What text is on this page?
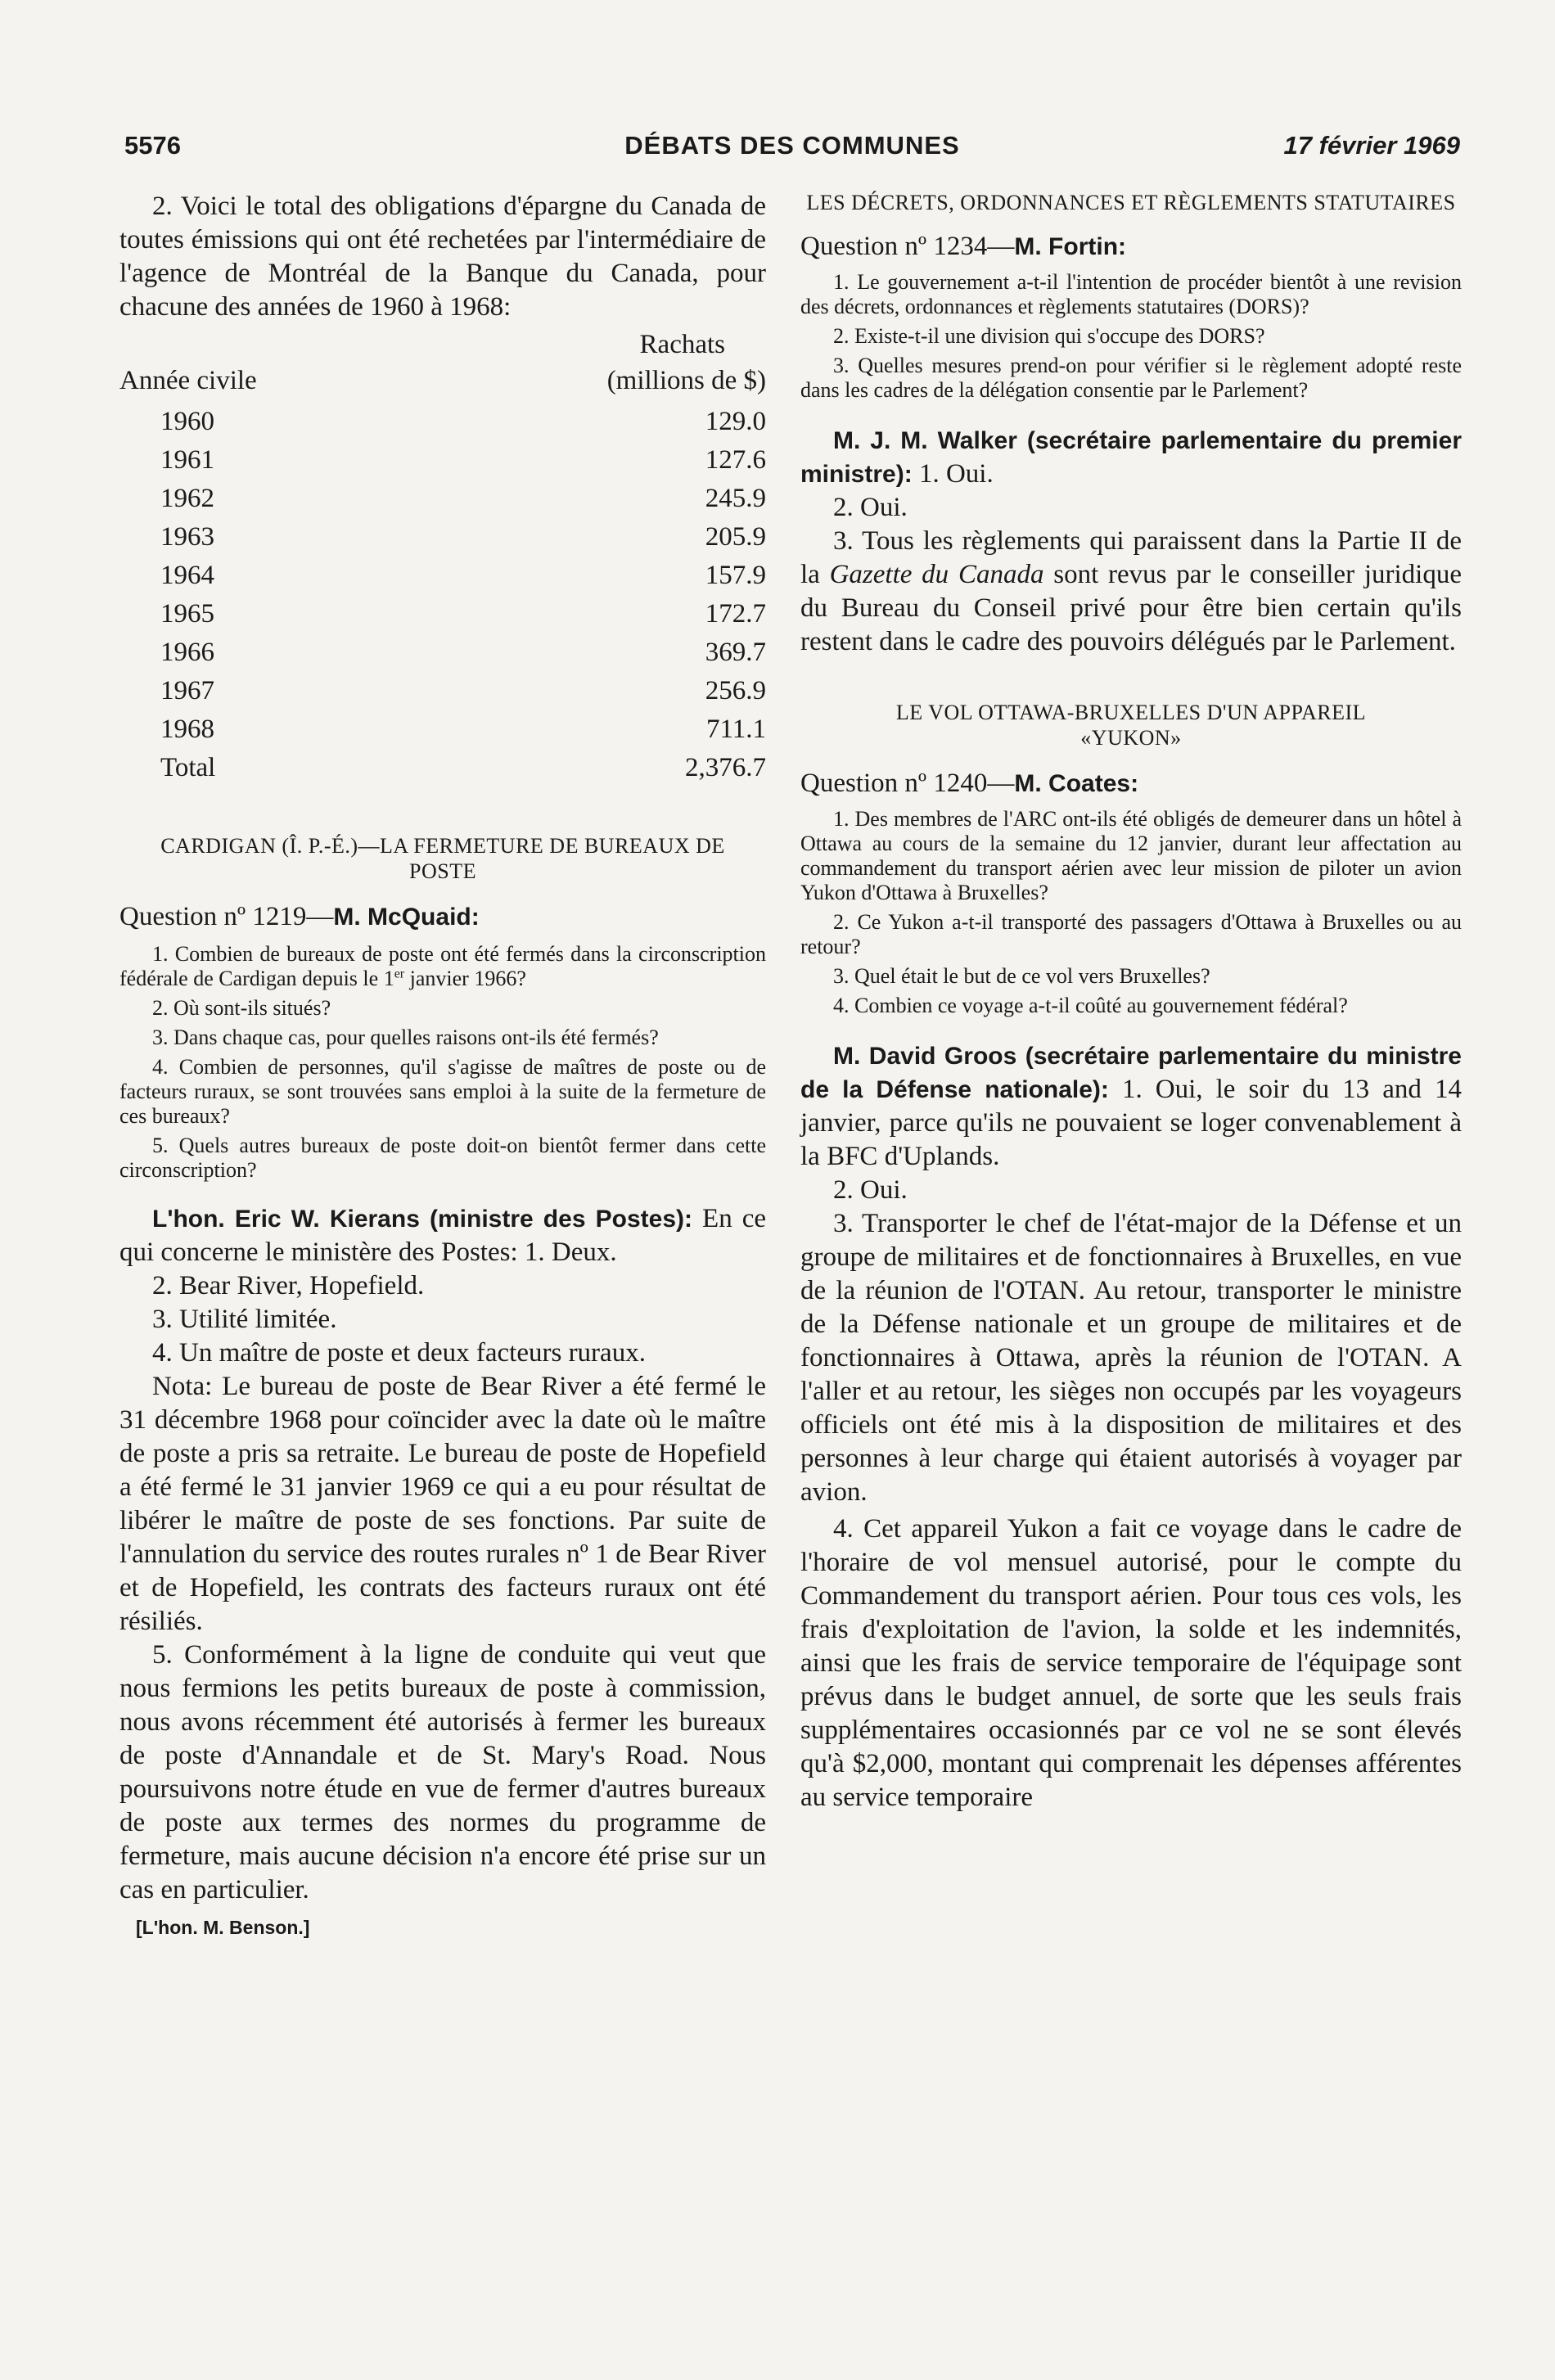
5576	DÉBATS DES COMMUNES	17 février 1969

2. Voici le total des obligations d'épargne du Canada de toutes émissions qui ont été rechetées par l'intermédiaire de l'agence de Montréal de la Banque du Canada, pour chacune des années de 1960 à 1968:

Année civile
Rachats
(millions de $)
1960	129.0
1961	127.6
1962	245.9
1963	205.9
1964	157.9
1965	172.7
1966	369.7
1967	256.9
1968	711.1
Total	2,376.7

CARDIGAN (Î. P.-É.)—LA FERMETURE DE BUREAUX DE POSTE

Question nº 1219—M. McQuaid:

1. Combien de bureaux de poste ont été fermés dans la circonscription fédérale de Cardigan depuis le 1er janvier 1966?

2. Où sont-ils situés?

3. Dans chaque cas, pour quelles raisons ont-ils été fermés?

4. Combien de personnes, qu'il s'agisse de maîtres de poste ou de facteurs ruraux, se sont trouvées sans emploi à la suite de la fermeture de ces bureaux?

5. Quels autres bureaux de poste doit-on bientôt fermer dans cette circonscription?

L'hon. Eric W. Kierans (ministre des Postes): En ce qui concerne le ministère des Postes: 1. Deux.

2. Bear River, Hopefield.

3. Utilité limitée.

4. Un maître de poste et deux facteurs ruraux.

Nota: Le bureau de poste de Bear River a été fermé le 31 décembre 1968 pour coïncider avec la date où le maître de poste a pris sa retraite. Le bureau de poste de Hopefield a été fermé le 31 janvier 1969 ce qui a eu pour résultat de libérer le maître de poste de ses fonctions. Par suite de l'annulation du service des routes rurales nº 1 de Bear River et de Hopefield, les contrats des facteurs ruraux ont été résiliés.

5. Conformément à la ligne de conduite qui veut que nous fermions les petits bureaux de poste à commission, nous avons récemment été autorisés à fermer les bureaux de poste d'Annandale et de St. Mary's Road. Nous poursuivons notre étude en vue de fermer d'autres bureaux de poste aux termes des normes du programme de fermeture, mais aucune décision n'a encore été prise sur un cas en particulier.

[L'hon. M. Benson.]

LES DÉCRETS, ORDONNANCES ET RÈGLEMENTS STATUTAIRES

Question nº 1234—M. Fortin:

1. Le gouvernement a-t-il l'intention de procéder bientôt à une revision des décrets, ordonnances et règlements statutaires (DORS)?

2. Existe-t-il une division qui s'occupe des DORS?

3. Quelles mesures prend-on pour vérifier si le règlement adopté reste dans les cadres de la délégation consentie par le Parlement?

M. J. M. Walker (secrétaire parlementaire du premier ministre): 1. Oui.

2. Oui.

3. Tous les règlements qui paraissent dans la Partie II de la Gazette du Canada sont revus par le conseiller juridique du Bureau du Conseil privé pour être bien certain qu'ils restent dans le cadre des pouvoirs délégués par le Parlement.

LE VOL OTTAWA-BRUXELLES D'UN APPAREIL «YUKON»

Question nº 1240—M. Coates:

1. Des membres de l'ARC ont-ils été obligés de demeurer dans un hôtel à Ottawa au cours de la semaine du 12 janvier, durant leur affectation au commandement du transport aérien avec leur mission de piloter un avion Yukon d'Ottawa à Bruxelles?

2. Ce Yukon a-t-il transporté des passagers d'Ottawa à Bruxelles ou au retour?

3. Quel était le but de ce vol vers Bruxelles?

4. Combien ce voyage a-t-il coûté au gouvernement fédéral?

M. David Groos (secrétaire parlementaire du ministre de la Défense nationale): 1. Oui, le soir du 13 and 14 janvier, parce qu'ils ne pouvaient se loger convenablement à la BFC d'Uplands.

2. Oui.

3. Transporter le chef de l'état-major de la Défense et un groupe de militaires et de fonctionnaires à Bruxelles, en vue de la réunion de l'OTAN. Au retour, transporter le ministre de la Défense nationale et un groupe de militaires et de fonctionnaires à Ottawa, après la réunion de l'OTAN. A l'aller et au retour, les sièges non occupés par les voyageurs officiels ont été mis à la disposition de militaires et des personnes à leur charge qui étaient autorisés à voyager par avion.

4. Cet appareil Yukon a fait ce voyage dans le cadre de l'horaire de vol mensuel autorisé, pour le compte du Commandement du transport aérien. Pour tous ces vols, les frais d'exploitation de l'avion, la solde et les indemnités, ainsi que les frais de service temporaire de l'équipage sont prévus dans le budget annuel, de sorte que les seuls frais supplémentaires occasionnés par ce vol ne se sont élevés qu'à $2,000, montant qui comprenait les dépenses afférentes au service temporaire
